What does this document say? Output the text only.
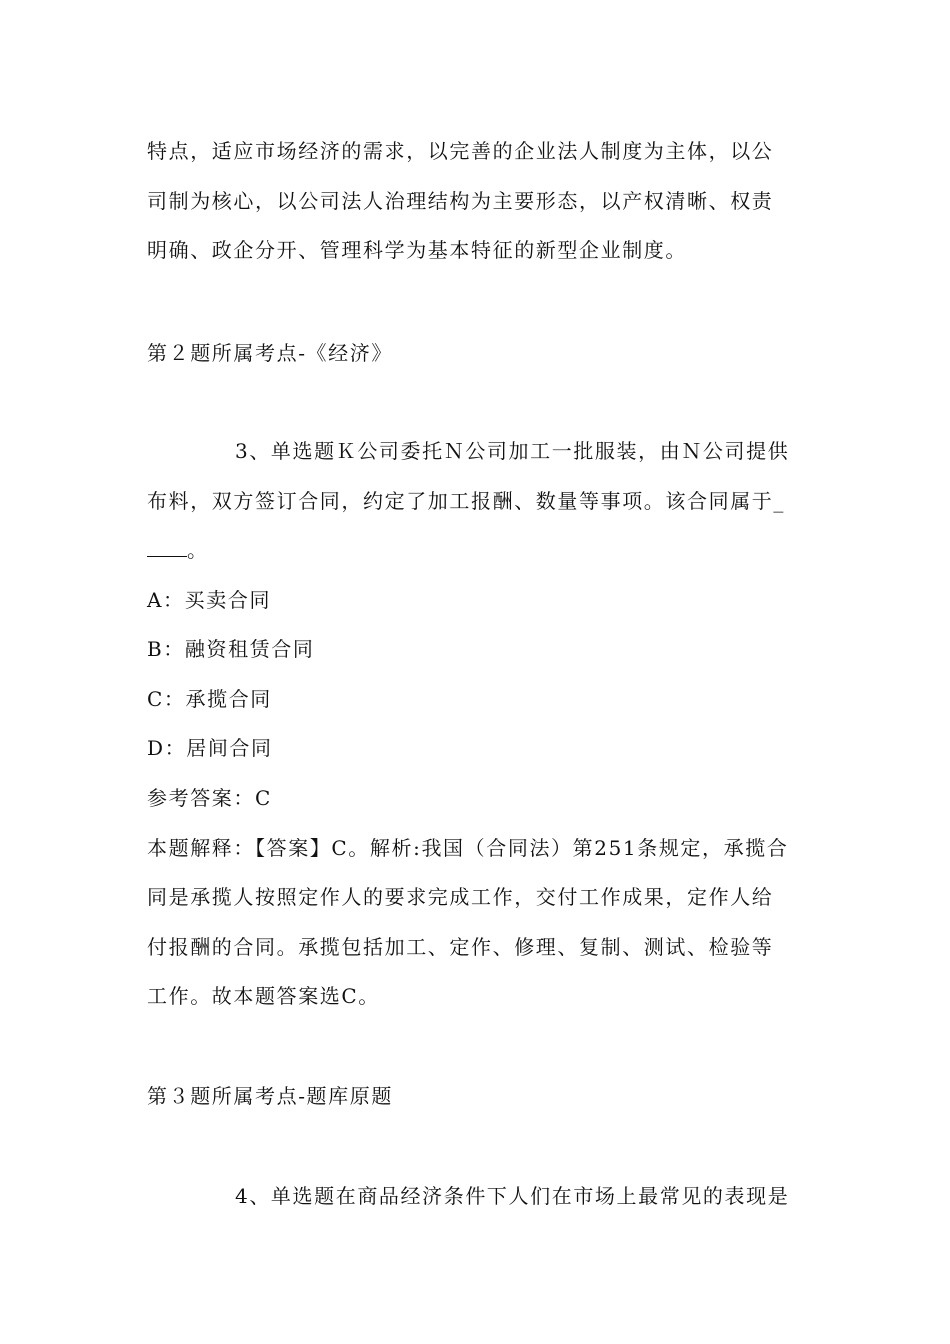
特点，适应市场经济的需求，以完善的企业法人制度为主体，以公
司制为核心，以公司法人治理结构为主要形态，以产权清晰、权责
明确、政企分开、管理科学为基本特征的新型企业制度。
第２题所属考点-《经济》
3、单选题Ｋ公司委托Ｎ公司加工一批服装，由Ｎ公司提供
布料，双方签订合同，约定了加工报酬、数量等事项。该合同属于_
。
A：买卖合同
B：融资租赁合同
C：承揽合同
D：居间合同
参考答案：C
本题解释：【答案】C。解析:我国（合同法）第251条规定，承揽合
同是承揽人按照定作人的要求完成工作，交付工作成果，定作人给
付报酬的合同。承揽包括加工、定作、修理、复制、测试、检验等
工作。故本题答案选C。
第３题所属考点-题库原题
4、单选题在商品经济条件下人们在市场上最常见的表现是
